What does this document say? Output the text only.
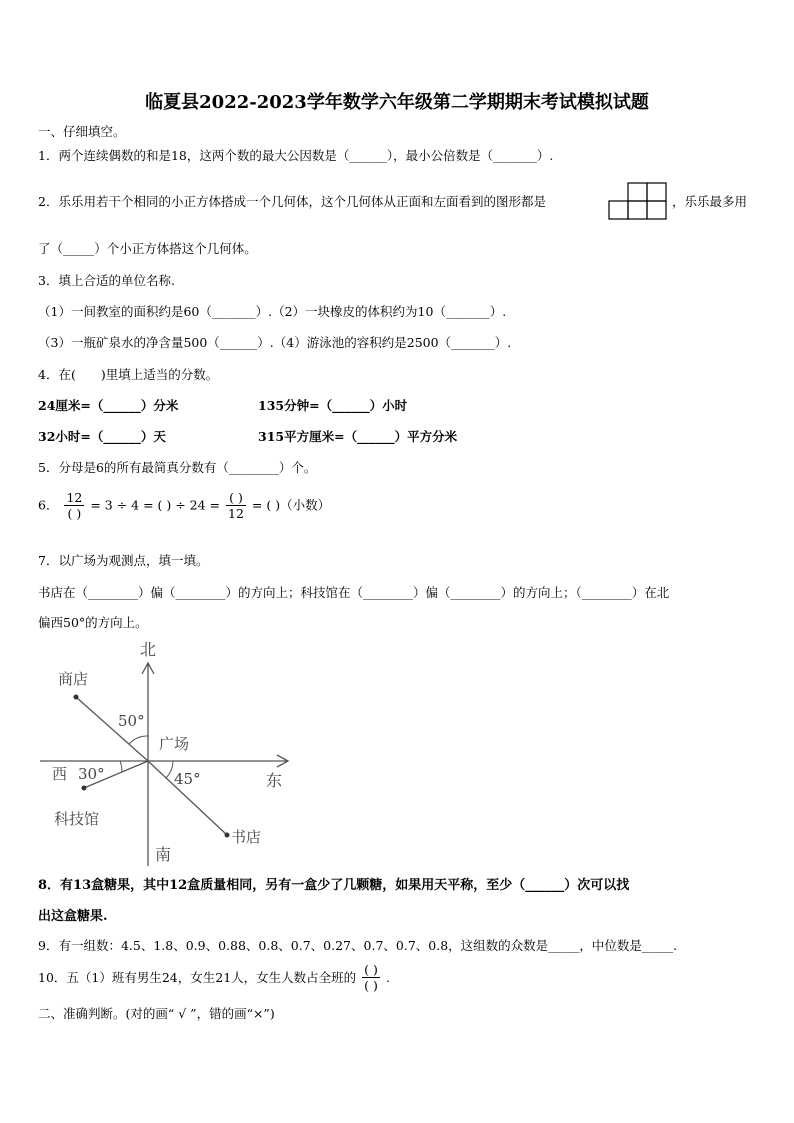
临夏县2022-2023学年数学六年级第二学期期末考试模拟试题
一、仔细填空。
1．两个连续偶数的和是18，这两个数的最大公因数是（______），最小公倍数是（_______）.
2．乐乐用若干个相同的小正方体搭成一个几何体，这个几何体从正面和左面看到的图形都是	，乐乐最多用
了（_____）个小正方体搭这个几何体。
3．填上合适的单位名称.
（1）一间教室的面积约是60（_______）.（2）一块橡皮的体积约为10（_______）.
（3）一瓶矿泉水的净含量500（______）.（4）游泳池的容积约是2500（_______）.
4．在(　　)里填上适当的分数。
24厘米=（______）分米	135分钟=（______）小时
32小时=（______）天	315平方厘米=（______）平方分米
5．分母是6的所有最简真分数有（________）个。
6． $\frac{12}{( )} = 3 \div 4$ = ( ) ÷ $24 = \frac{( )}{12}$ = ( )（小数）
7．以广场为观测点，填一填。
书店在（________）偏（________）的方向上；科技馆在（________）偏（________）的方向上；（________）在北
偏西50°的方向上。
北
南
东
西
广场
商店
科技馆
书店
50°
30°	45°
8．有13盒糖果，其中12盒质量相同，另有一盒少了几颗糖，如果用天平称，至少（______）次可以找
出这盒糖果.
9．有一组数：4.5、1.8、0.9、0.88、0.8、0.7、0.27、0.7、0.7、0.8，这组数的众数是_____，中位数是_____.
10．五（1）班有男生24，女生21人，女生人数占全班的 $\frac{( )}{( )}$ .
二、准确判断。(对的画“ √ ”，错的画“×”)
